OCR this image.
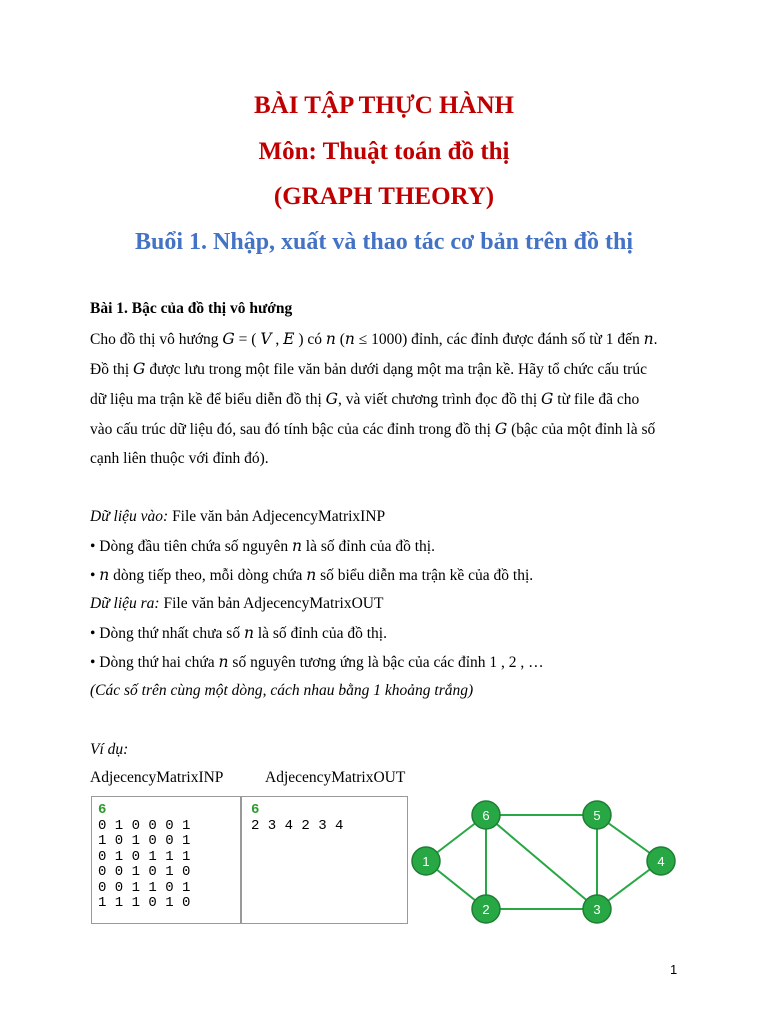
BÀI TẬP THỰC HÀNH
Môn: Thuật toán đồ thị
(GRAPH THEORY)
Buổi 1. Nhập, xuất và thao tác cơ bản trên đồ thị
Bài 1. Bậc của đồ thị vô hướng
Cho đồ thị vô hướng 𝐺 = ( 𝑉 , 𝐸 ) có 𝑛 (𝑛 ≤ 1000) đỉnh, các đỉnh được đánh số từ 1 đến 𝑛.
Đồ thị 𝐺 được lưu trong một file văn bản dưới dạng một ma trận kề. Hãy tổ chức cấu trúc
dữ liệu ma trận kề để biểu diễn đồ thị 𝐺, và viết chương trình đọc đồ thị 𝐺 từ file đã cho
vào cấu trúc dữ liệu đó, sau đó tính bậc của các đỉnh trong đồ thị 𝐺 (bậc của một đỉnh là số
cạnh liên thuộc với đỉnh đó).
Dữ liệu vào: File văn bản AdjecencyMatrixINP
• Dòng đầu tiên chứa số nguyên 𝑛 là số đỉnh của đồ thị.
• 𝑛 dòng tiếp theo, mỗi dòng chứa 𝑛 số biểu diễn ma trận kề của đồ thị.
Dữ liệu ra: File văn bản AdjecencyMatrixOUT
• Dòng thứ nhất chưa số 𝑛 là số đỉnh của đồ thị.
• Dòng thứ hai chứa 𝑛 số nguyên tương ứng là bậc của các đỉnh 1 , 2 , …
(Các số trên cùng một dòng, cách nhau bằng 1 khoảng trắng)
Ví dụ:
AdjecencyMatrixINP	AdjecencyMatrixOUT
6
0 1 0 0 0 1
1 0 1 0 0 1
0 1 0 1 1 1
0 0 1 0 1 0
0 0 1 1 0 1
1 1 1 0 1 0
6
2 3 4 2 3 4
1
2	3
4
5
6
1
